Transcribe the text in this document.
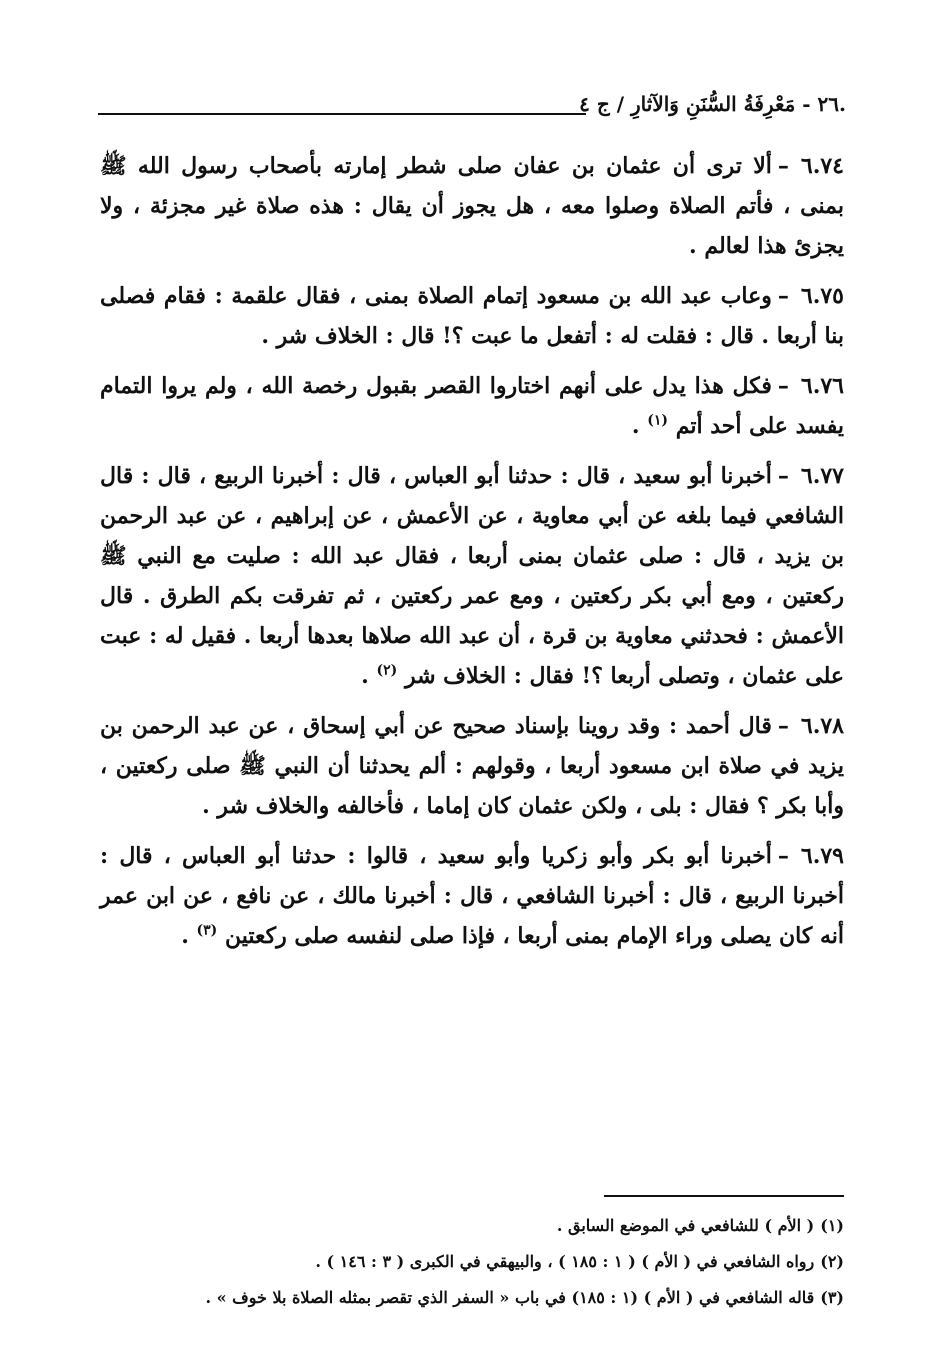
.٢٦ - مَعْرِفَةُ السُّنَنِ وَالآثارِ / ج ٤

٦.٧٤–ألا ترى أن عثمان بن عفان صلى شطر إمارته بأصحاب رسول الله ﷺ بمنى ، فأتم الصلاة وصلوا معه ، هل يجوز أن يقال : هذه صلاة غير مجزئة ، ولا يجزئ هذا لعالم .

٦.٧٥–وعاب عبد الله بن مسعود إتمام الصلاة بمنى ، فقال علقمة : فقام فصلى بنا أربعا . قال : فقلت له : أتفعل ما عبت ؟! قال : الخلاف شر .

٦.٧٦–فكل هذا يدل على أنهم اختاروا القصر بقبول رخصة الله ، ولم يروا التمام يفسد على أحد أتم $^{(١)}$ .

٦.٧٧–أخبرنا أبو سعيد ، قال : حدثنا أبو العباس ، قال : أخبرنا الربيع ، قال : قال الشافعي فيما بلغه عن أبي معاوية ، عن الأعمش ، عن إبراهيم ، عن عبد الرحمن بن يزيد ، قال : صلى عثمان بمنى أربعا ، فقال عبد الله : صليت مع النبي ﷺ ركعتين ، ومع أبي بكر ركعتين ، ومع عمر ركعتين ، ثم تفرقت بكم الطرق . قال الأعمش : فحدثني معاوية بن قرة ، أن عبد الله صلاها بعدها أربعا . فقيل له : عبت على عثمان ، وتصلى أربعا ؟! فقال : الخلاف شر $^{(٢)}$ .

٦.٧٨–قال أحمد : وقد روينا بإسناد صحيح عن أبي إسحاق ، عن عبد الرحمن بن يزيد في صلاة ابن مسعود أربعا ، وقولهم : ألم يحدثنا أن النبي ﷺ صلى ركعتين ، وأبا بكر ؟ فقال : بلى ، ولكن عثمان كان إماما ، فأخالفه والخلاف شر .

٦.٧٩–أخبرنا أبو بكر وأبو زكريا وأبو سعيد ، قالوا : حدثنا أبو العباس ، قال : أخبرنا الربيع ، قال : أخبرنا الشافعي ، قال : أخبرنا مالك ، عن نافع ، عن ابن عمر أنه كان يصلى وراء الإمام بمنى أربعا ، فإذا صلى لنفسه صلى ركعتين $^{(٣)}$ .

(١)( الأم ) للشافعي في الموضع السابق .

(٢)رواه الشافعي في ( الأم ) ( ١ : ١٨٥ ) ، والبيهقي في الكبرى ( ٣ : ١٤٦ ) .

(٣)قاله الشافعي في ( الأم ) (١ : ١٨٥) في باب « السفر الذي تقصر بمثله الصلاة بلا خوف » .
